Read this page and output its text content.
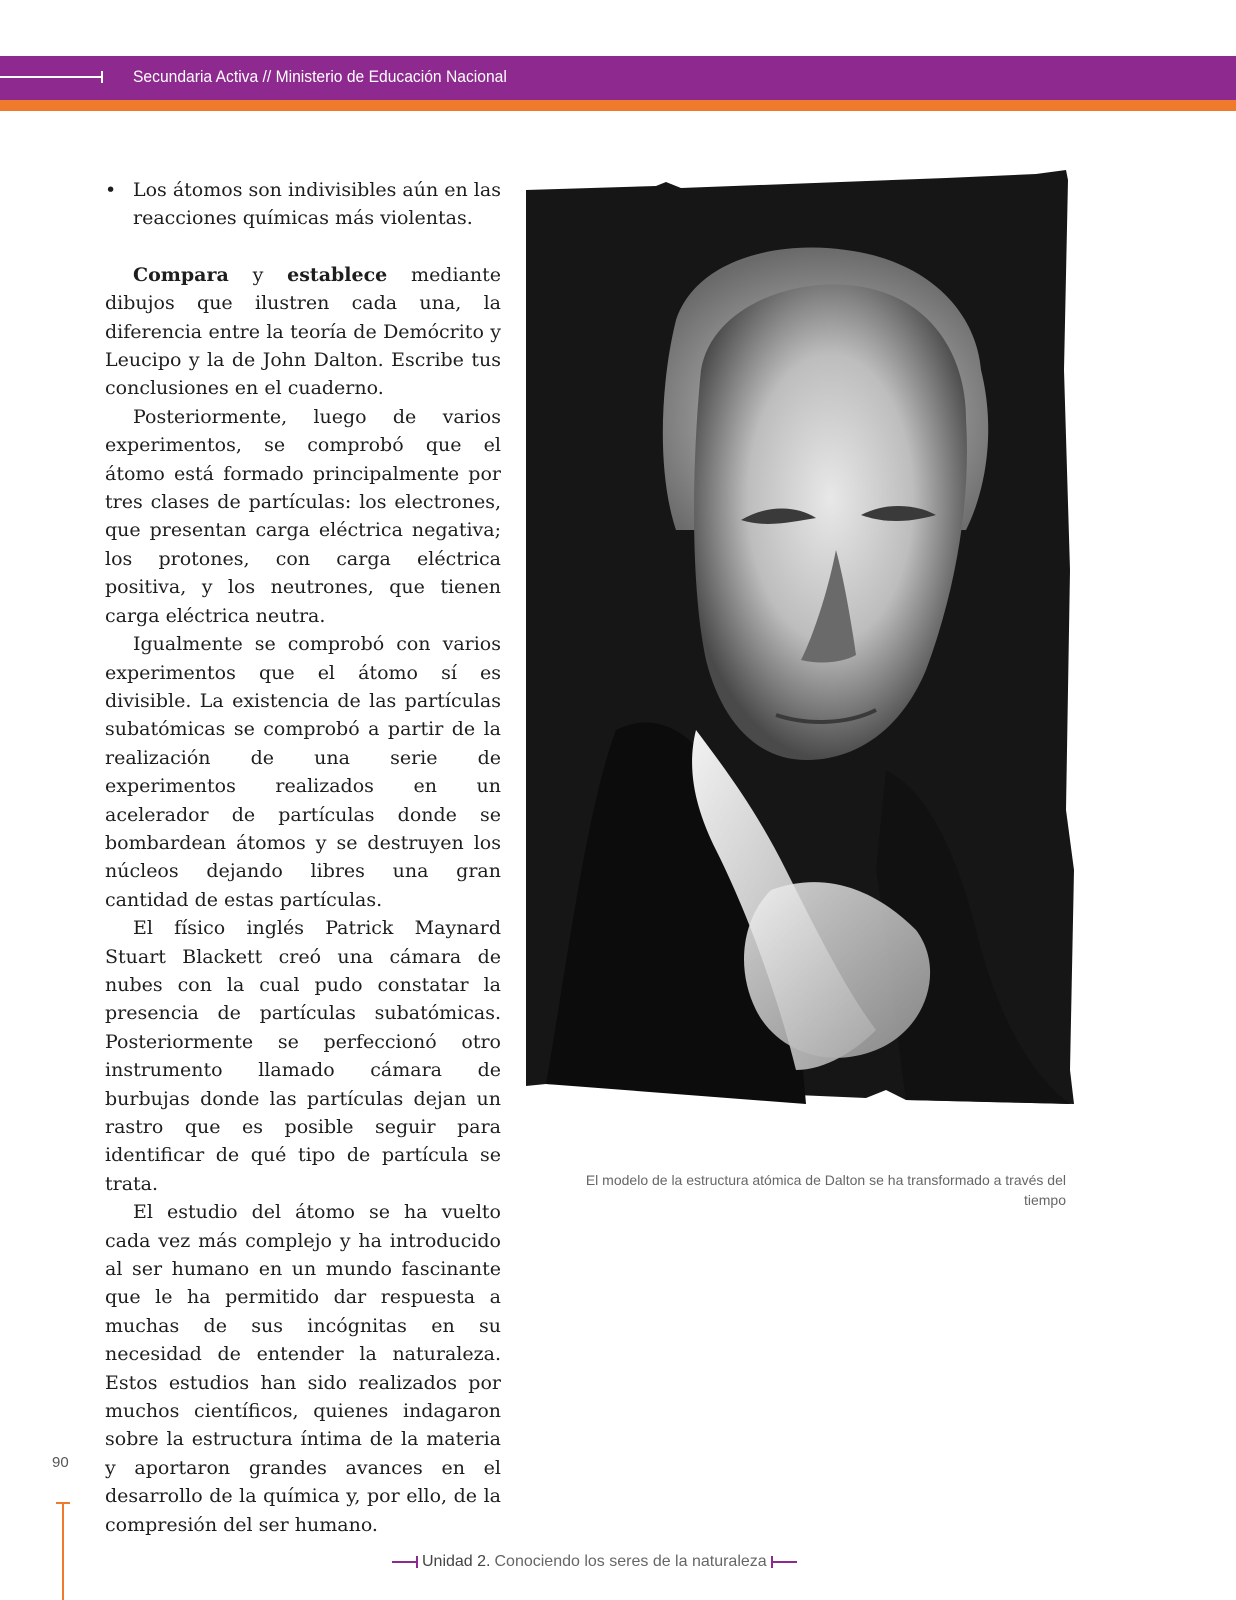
Secundaria Activa // Ministerio de Educación Nacional

• Los átomos son indivisibles aún en las reacciones químicas más violentas.

Compara y establece mediante dibujos que ilustren cada una, la diferencia entre la teoría de Demócrito y Leucipo y la de John Dalton. Escribe tus conclusiones en el cuaderno.

Posteriormente, luego de varios experimentos, se comprobó que el átomo está formado principalmente por tres clases de partículas: los electrones, que presentan carga eléctrica negativa; los protones, con carga eléctrica positiva, y los neutrones, que tienen carga eléctrica neutra.

Igualmente se comprobó con varios experimentos que el átomo sí es divisible. La existencia de las partículas subatómicas se comprobó a partir de la realización de una serie de experimentos realizados en un acelerador de partículas donde se bombardean átomos y se destruyen los núcleos dejando libres una gran cantidad de estas partículas.

El físico inglés Patrick Maynard Stuart Blackett creó una cámara de nubes con la cual pudo constatar la presencia de partículas subatómicas. Posteriormente se perfeccionó otro instrumento llamado cámara de burbujas donde las partículas dejan un rastro que es posible seguir para identificar de qué tipo de partícula se trata.

El estudio del átomo se ha vuelto cada vez más complejo y ha introducido al ser humano en un mundo fascinante que le ha permitido dar respuesta a muchas de sus incógnitas en su necesidad de entender la naturaleza. Estos estudios han sido realizados por muchos científicos, quienes indagaron sobre la estructura íntima de la materia y aportaron grandes avances en el desarrollo de la química y, por ello, de la compresión del ser humano.

El modelo de la estructura atómica de Dalton se ha transformado a través del tiempo
90
Unidad 2. Conociendo los seres de la naturaleza
